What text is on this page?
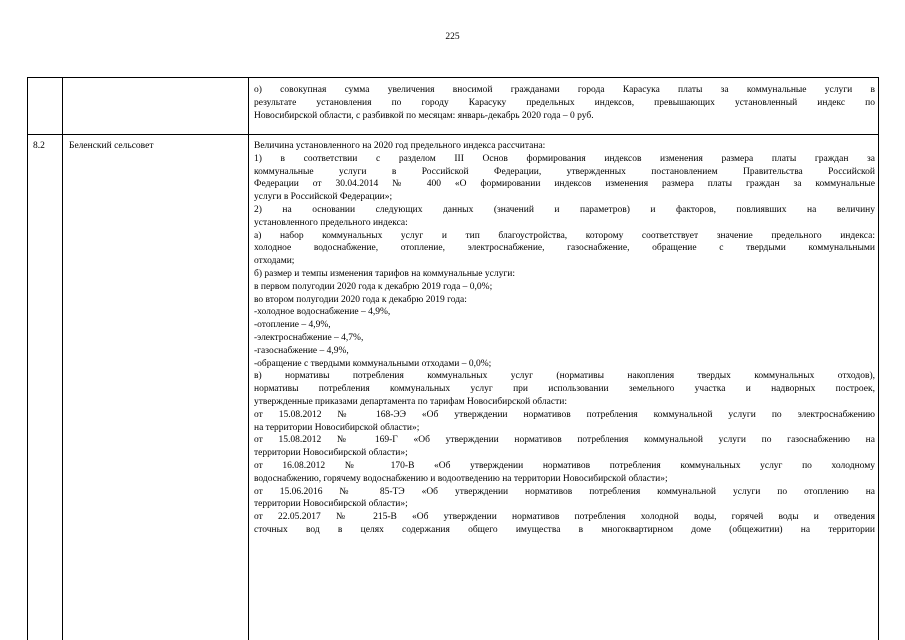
225

о) совокупная сумма увеличения вносимой гражданами города Карасука платы за коммунальные услуги в

результате установления по городу Карасуку предельных индексов, превышающих установленный индекс по

Новосибирской области, с разбивкой по месяцам: январь-декабрь 2020 года – 0 руб.

8.2	Беленский сельсовет	Величина установленного на 2020 год предельного индекса рассчитана:

1) в соответствии с разделом III Основ формирования индексов изменения размера платы граждан за

коммунальные услуги в Российской Федерации, утвержденных постановлением Правительства Российской

Федерации от 30.04.2014 № 400 «О формировании индексов изменения размера платы граждан за коммунальные

услуги в Российской Федерации»;

2) на основании следующих данных (значений и параметров) и факторов, повлиявших на величину

установленного предельного индекса:

а) набор коммунальных услуг и тип благоустройства, которому соответствует значение предельного индекса:

холодное водоснабжение, отопление, электроснабжение, газоснабжение, обращение с твердыми коммунальными

отходами;

б) размер и темпы изменения тарифов на коммунальные услуги:

в первом полугодии 2020 года к декабрю 2019 года – 0,0%;

во втором полугодии 2020 года к декабрю 2019 года:

-холодное водоснабжение – 4,9%,

-отопление – 4,9%,

-электроснабжение – 4,7%,

-газоснабжение – 4,9%,

-обращение с твердыми коммунальными отходами – 0,0%;

в) нормативы потребления коммунальных услуг (нормативы накопления твердых коммунальных отходов),

нормативы потребления коммунальных услуг при использовании земельного участка и надворных построек,

утвержденные приказами департамента по тарифам Новосибирской области:

от 15.08.2012 № 168-ЭЭ «Об утверждении нормативов потребления коммунальной услуги по электроснабжению

на территории Новосибирской области»;

от 15.08.2012 № 169-Г «Об утверждении нормативов потребления коммунальной услуги по газоснабжению на

территории Новосибирской области»;

от 16.08.2012 № 170-В «Об утверждении нормативов потребления коммунальных услуг по холодному

водоснабжению, горячему водоснабжению и водоотведению на территории Новосибирской области»;

от 15.06.2016 № 85-ТЭ «Об утверждении нормативов потребления коммунальной услуги по отоплению на

территории Новосибирской области»;

от 22.05.2017 № 215-В «Об утверждении нормативов потребления холодной воды, горячей воды и отведения

сточных вод в целях содержания общего имущества в многоквартирном доме (общежитии) на территории
